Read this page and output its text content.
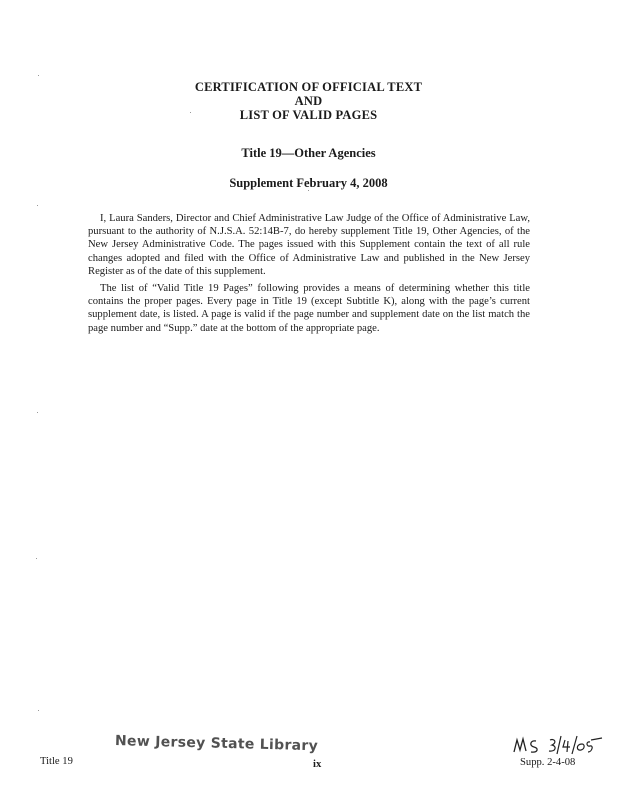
CERTIFICATION OF OFFICIAL TEXT
AND
LIST OF VALID PAGES
Title 19—Other Agencies
Supplement February 4, 2008

I, Laura Sanders, Director and Chief Administrative Law Judge of the Office of Administrative Law, pursuant to the authority of N.J.S.A. 52:14B-7, do hereby supplement Title 19, Other Agencies, of the New Jersey Administrative Code. The pages issued with this Supplement contain the text of all rule changes adopted and filed with the Office of Administrative Law and published in the New Jersey Register as of the date of this supplement.

The list of “Valid Title 19 Pages” following provides a means of determining whether this title contains the proper pages. Every page in Title 19 (except Subtitle K), along with the page’s current supplement date, is listed. A page is valid if the page number and supplement date on the list match the page number and “Supp.” date at the bottom of the appropriate page.

New Jersey State Library
Title 19	ix	Supp. 2-4-08
